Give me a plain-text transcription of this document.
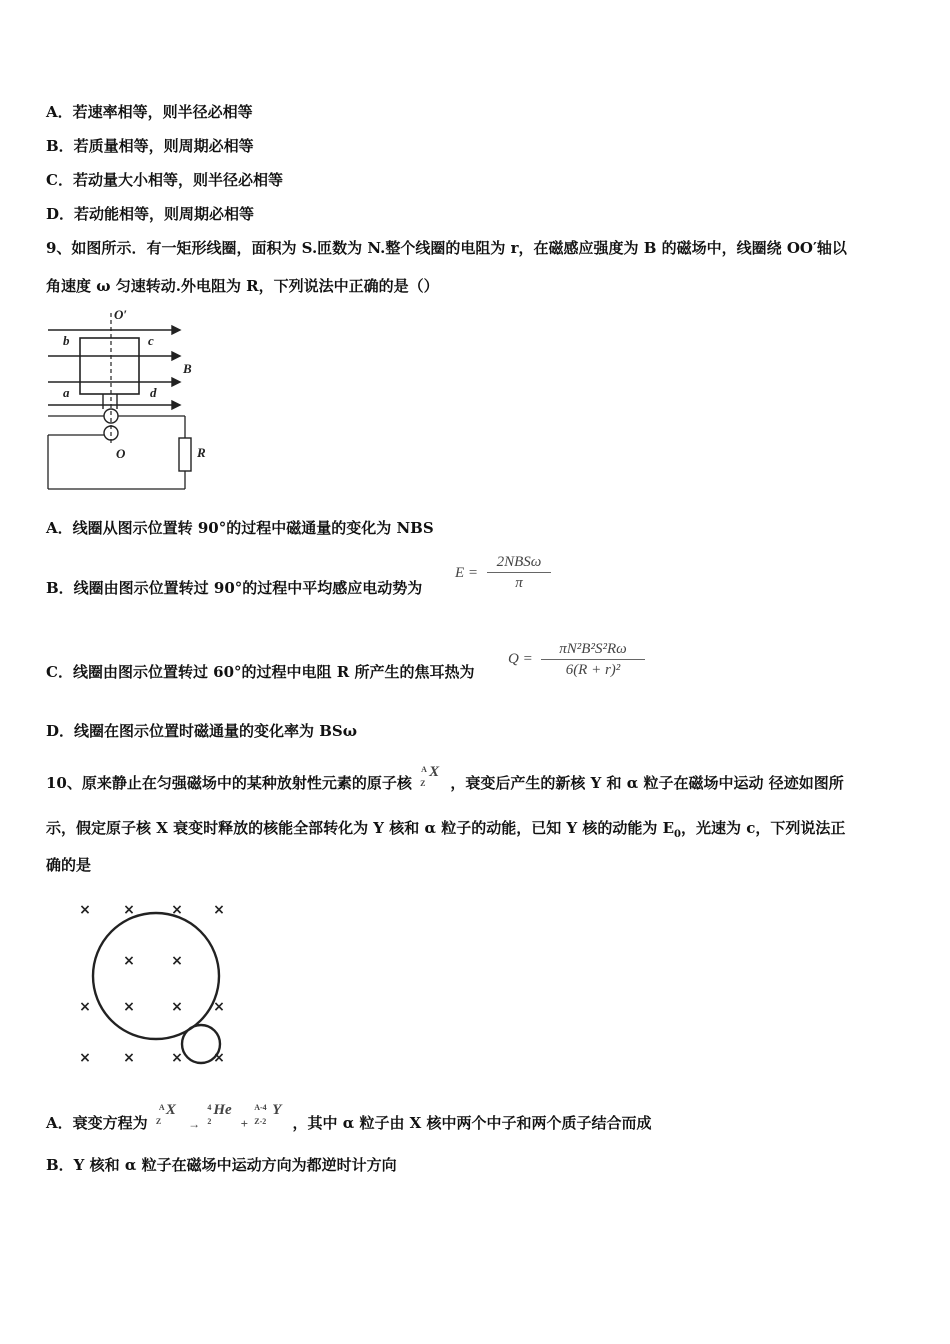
A．若速率相等，则半径必相等
B．若质量相等，则周期必相等
C．若动量大小相等，则半径必相等
D．若动能相等，则周期必相等
9、如图所示．有一矩形线圈，面积为 S.匝数为 N.整个线圈的电阻为 r，在磁感应强度为 B 的磁场中，线圈绕 OO′轴以
角速度 ω 匀速转动.外电阻为 R，下列说法中正确的是（）
O′
b	c
B
a	d
O	R
A．线圈从图示位置转 90°的过程中磁通量的变化为 NBS
B．线圈由图示位置转过 90°的过程中平均感应电动势为
E =
2NBSω
π
C．线圈由图示位置转过 60°的过程中电阻 R 所产生的焦耳热为
Q =
πN²B²S²Rω
6(R + r)²
D．线圈在图示位置时磁通量的变化率为 BSω
10、原来静止在匀强磁场中的某种放射性元素的原子核
A
Z
X
，衰变后产生的新核 Y 和 α 粒子在磁场中运动 径迹如图所
示，假定原子核 X 衰变时释放的核能全部转化为 Y 核和 α 粒子的动能，已知 Y 核的动能为 $E_0$，光速为 c，下列说法正
确的是
× ×	× ×
×	×
× ×	× ×
× ×	× ×
A．衰变方程为
A
Z
X
→
4
2
He
+
A-4
Z-2
Y
，其中 α 粒子由 X 核中两个中子和两个质子结合而成
B．Y 核和 α 粒子在磁场中运动方向为都逆时计方向
